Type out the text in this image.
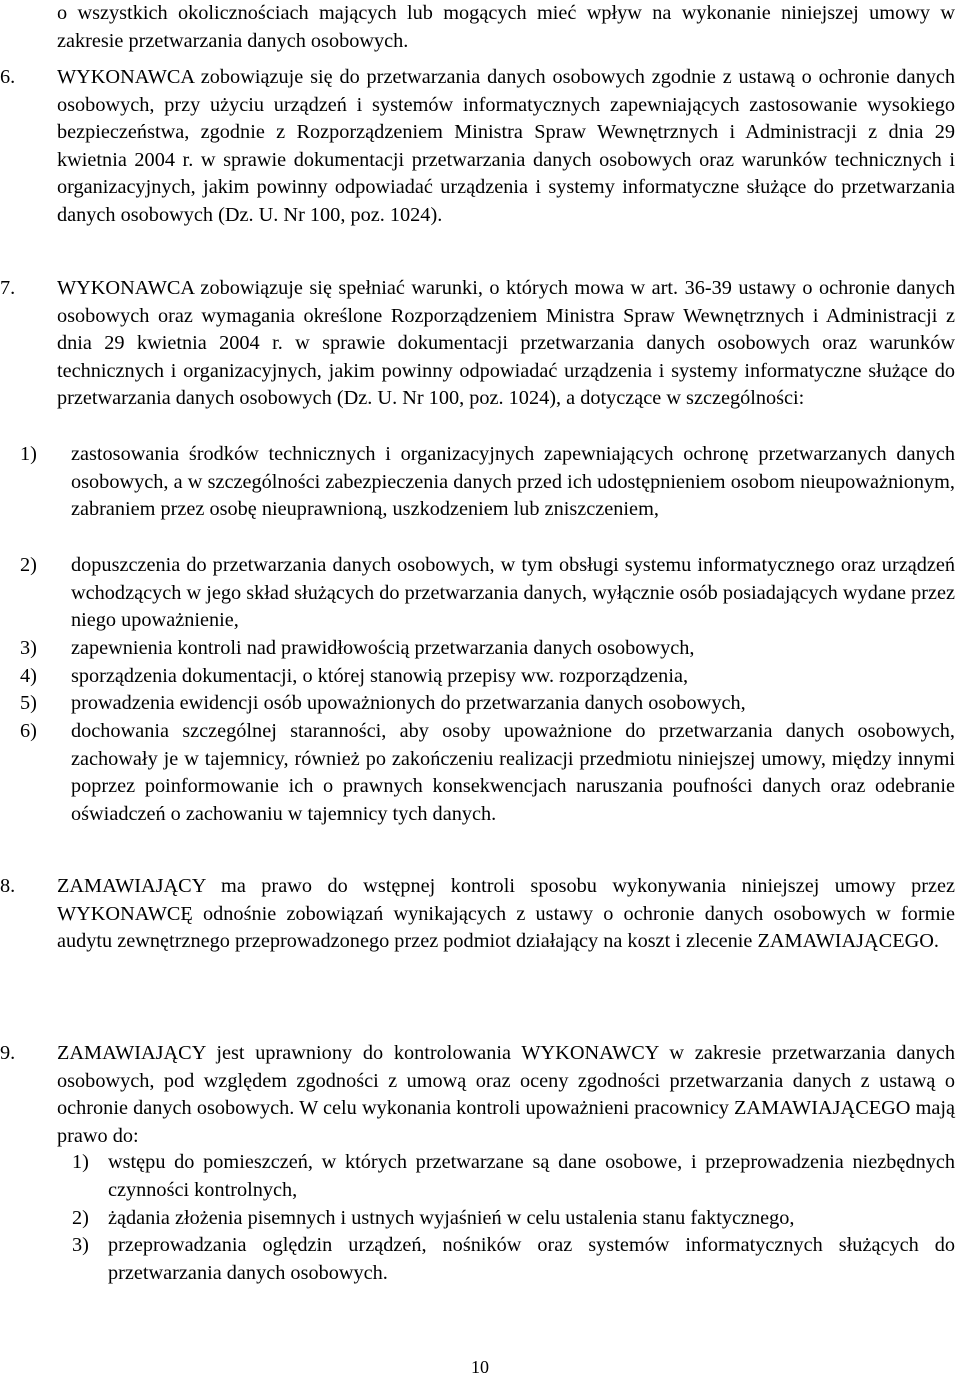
o wszystkich okolicznościach mających lub mogących mieć wpływ na wykonanie niniejszej umowy w zakresie przetwarzania danych osobowych.

6. WYKONAWCA zobowiązuje się do przetwarzania danych osobowych zgodnie z ustawą o ochronie danych osobowych, przy użyciu urządzeń i systemów informatycznych zapewniających zastosowanie wysokiego bezpieczeństwa, zgodnie z Rozporządzeniem Ministra Spraw Wewnętrznych i Administracji z dnia 29 kwietnia 2004 r. w sprawie dokumentacji przetwarzania danych osobowych oraz warunków technicznych i organizacyjnych, jakim powinny odpowiadać urządzenia i systemy informatyczne służące do przetwarzania danych osobowych (Dz. U. Nr 100, poz. 1024).

7. WYKONAWCA zobowiązuje się spełniać warunki, o których mowa w art. 36-39 ustawy o ochronie danych osobowych oraz wymagania określone Rozporządzeniem Ministra Spraw Wewnętrznych i Administracji z dnia 29 kwietnia 2004 r. w sprawie dokumentacji przetwarzania danych osobowych oraz warunków technicznych i organizacyjnych, jakim powinny odpowiadać urządzenia i systemy informatyczne służące do przetwarzania danych osobowych (Dz. U. Nr 100, poz. 1024), a dotyczące w szczególności:

1) zastosowania środków technicznych i organizacyjnych zapewniających ochronę przetwarzanych danych osobowych, a w szczególności zabezpieczenia danych przed ich udostępnieniem osobom nieupoważnionym, zabraniem przez osobę nieuprawnioną, uszkodzeniem lub zniszczeniem,

2) dopuszczenia do przetwarzania danych osobowych, w tym obsługi systemu informatycznego oraz urządzeń wchodzących w jego skład służących do przetwarzania danych, wyłącznie osób posiadających wydane przez niego upoważnienie,

3) zapewnienia kontroli nad prawidłowością przetwarzania danych osobowych,

4) sporządzenia dokumentacji, o której stanowią przepisy ww. rozporządzenia,

5) prowadzenia ewidencji osób upoważnionych do przetwarzania danych osobowych,

6) dochowania szczególnej staranności, aby osoby upoważnione do przetwarzania danych osobowych, zachowały je w tajemnicy, również po zakończeniu realizacji przedmiotu niniejszej umowy, między innymi poprzez poinformowanie ich o prawnych konsekwencjach naruszania poufności danych oraz odebranie oświadczeń o zachowaniu w tajemnicy tych danych.

8. ZAMAWIAJĄCY ma prawo do wstępnej kontroli sposobu wykonywania niniejszej umowy przez WYKONAWCĘ odnośnie zobowiązań wynikających z ustawy o ochronie danych osobowych w formie audytu zewnętrznego przeprowadzonego przez podmiot działający na koszt i zlecenie ZAMAWIAJĄCEGO.

9. ZAMAWIAJĄCY jest uprawniony do kontrolowania WYKONAWCY w zakresie przetwarzania danych osobowych, pod względem zgodności z umową oraz oceny zgodności przetwarzania danych z ustawą o ochronie danych osobowych. W celu wykonania kontroli upoważnieni pracownicy ZAMAWIAJĄCEGO mają prawo do:

1) wstępu do pomieszczeń, w których przetwarzane są dane osobowe, i przeprowadzenia niezbędnych czynności kontrolnych,

2) żądania złożenia pisemnych i ustnych wyjaśnień w celu ustalenia stanu faktycznego,

3) przeprowadzania oględzin urządzeń, nośników oraz systemów informatycznych służących do przetwarzania danych osobowych.

10
